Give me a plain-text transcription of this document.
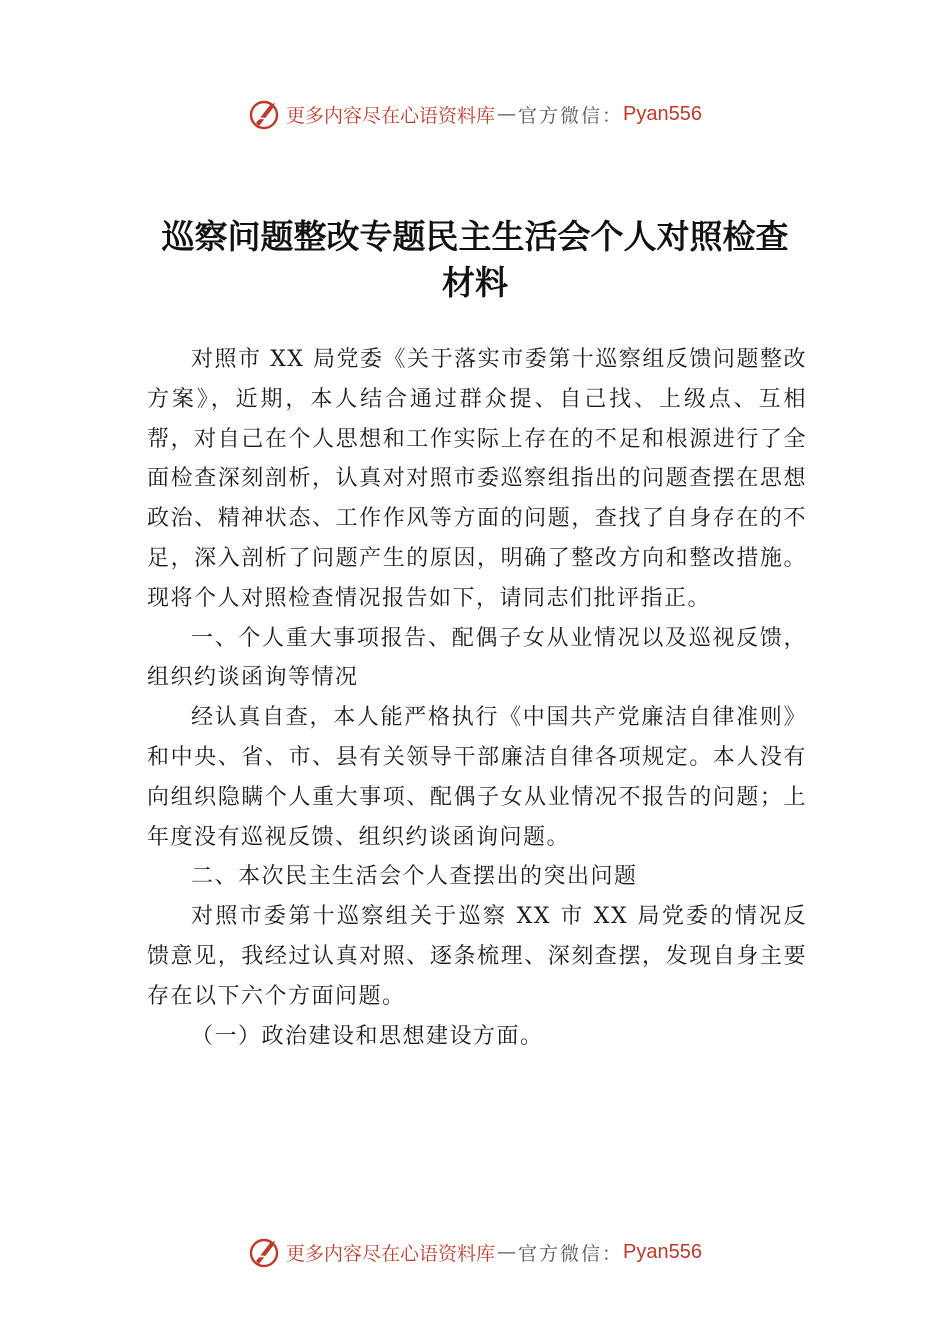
更多内容尽在心语资料库 — 官方微信： Pyan556
巡察问题整改专题民主生活会个人对照检查材料

对照市 XX 局党委《关于落实市委第十巡察组反馈问题整改方案》，近期，本人结合通过群众提、自己找、上级点、互相帮，对自己在个人思想和工作实际上存在的不足和根源进行了全面检查深刻剖析，认真对对照市委巡察组指出的问题查摆在思想政治、精神状态、工作作风等方面的问题，查找了自身存在的不足，深入剖析了问题产生的原因，明确了整改方向和整改措施。现将个人对照检查情况报告如下，请同志们批评指正。

一、个人重大事项报告、配偶子女从业情况以及巡视反馈，组织约谈函询等情况

经认真自查，本人能严格执行《中国共产党廉洁自律准则》和中央、省、市、县有关领导干部廉洁自律各项规定。本人没有向组织隐瞒个人重大事项、配偶子女从业情况不报告的问题；上年度没有巡视反馈、组织约谈函询问题。

二、本次民主生活会个人查摆出的突出问题

对照市委第十巡察组关于巡察 XX 市 XX 局党委的情况反馈意见，我经过认真对照、逐条梳理、深刻查摆，发现自身主要存在以下六个方面问题。

（一）政治建设和思想建设方面。

更多内容尽在心语资料库 — 官方微信： Pyan556
